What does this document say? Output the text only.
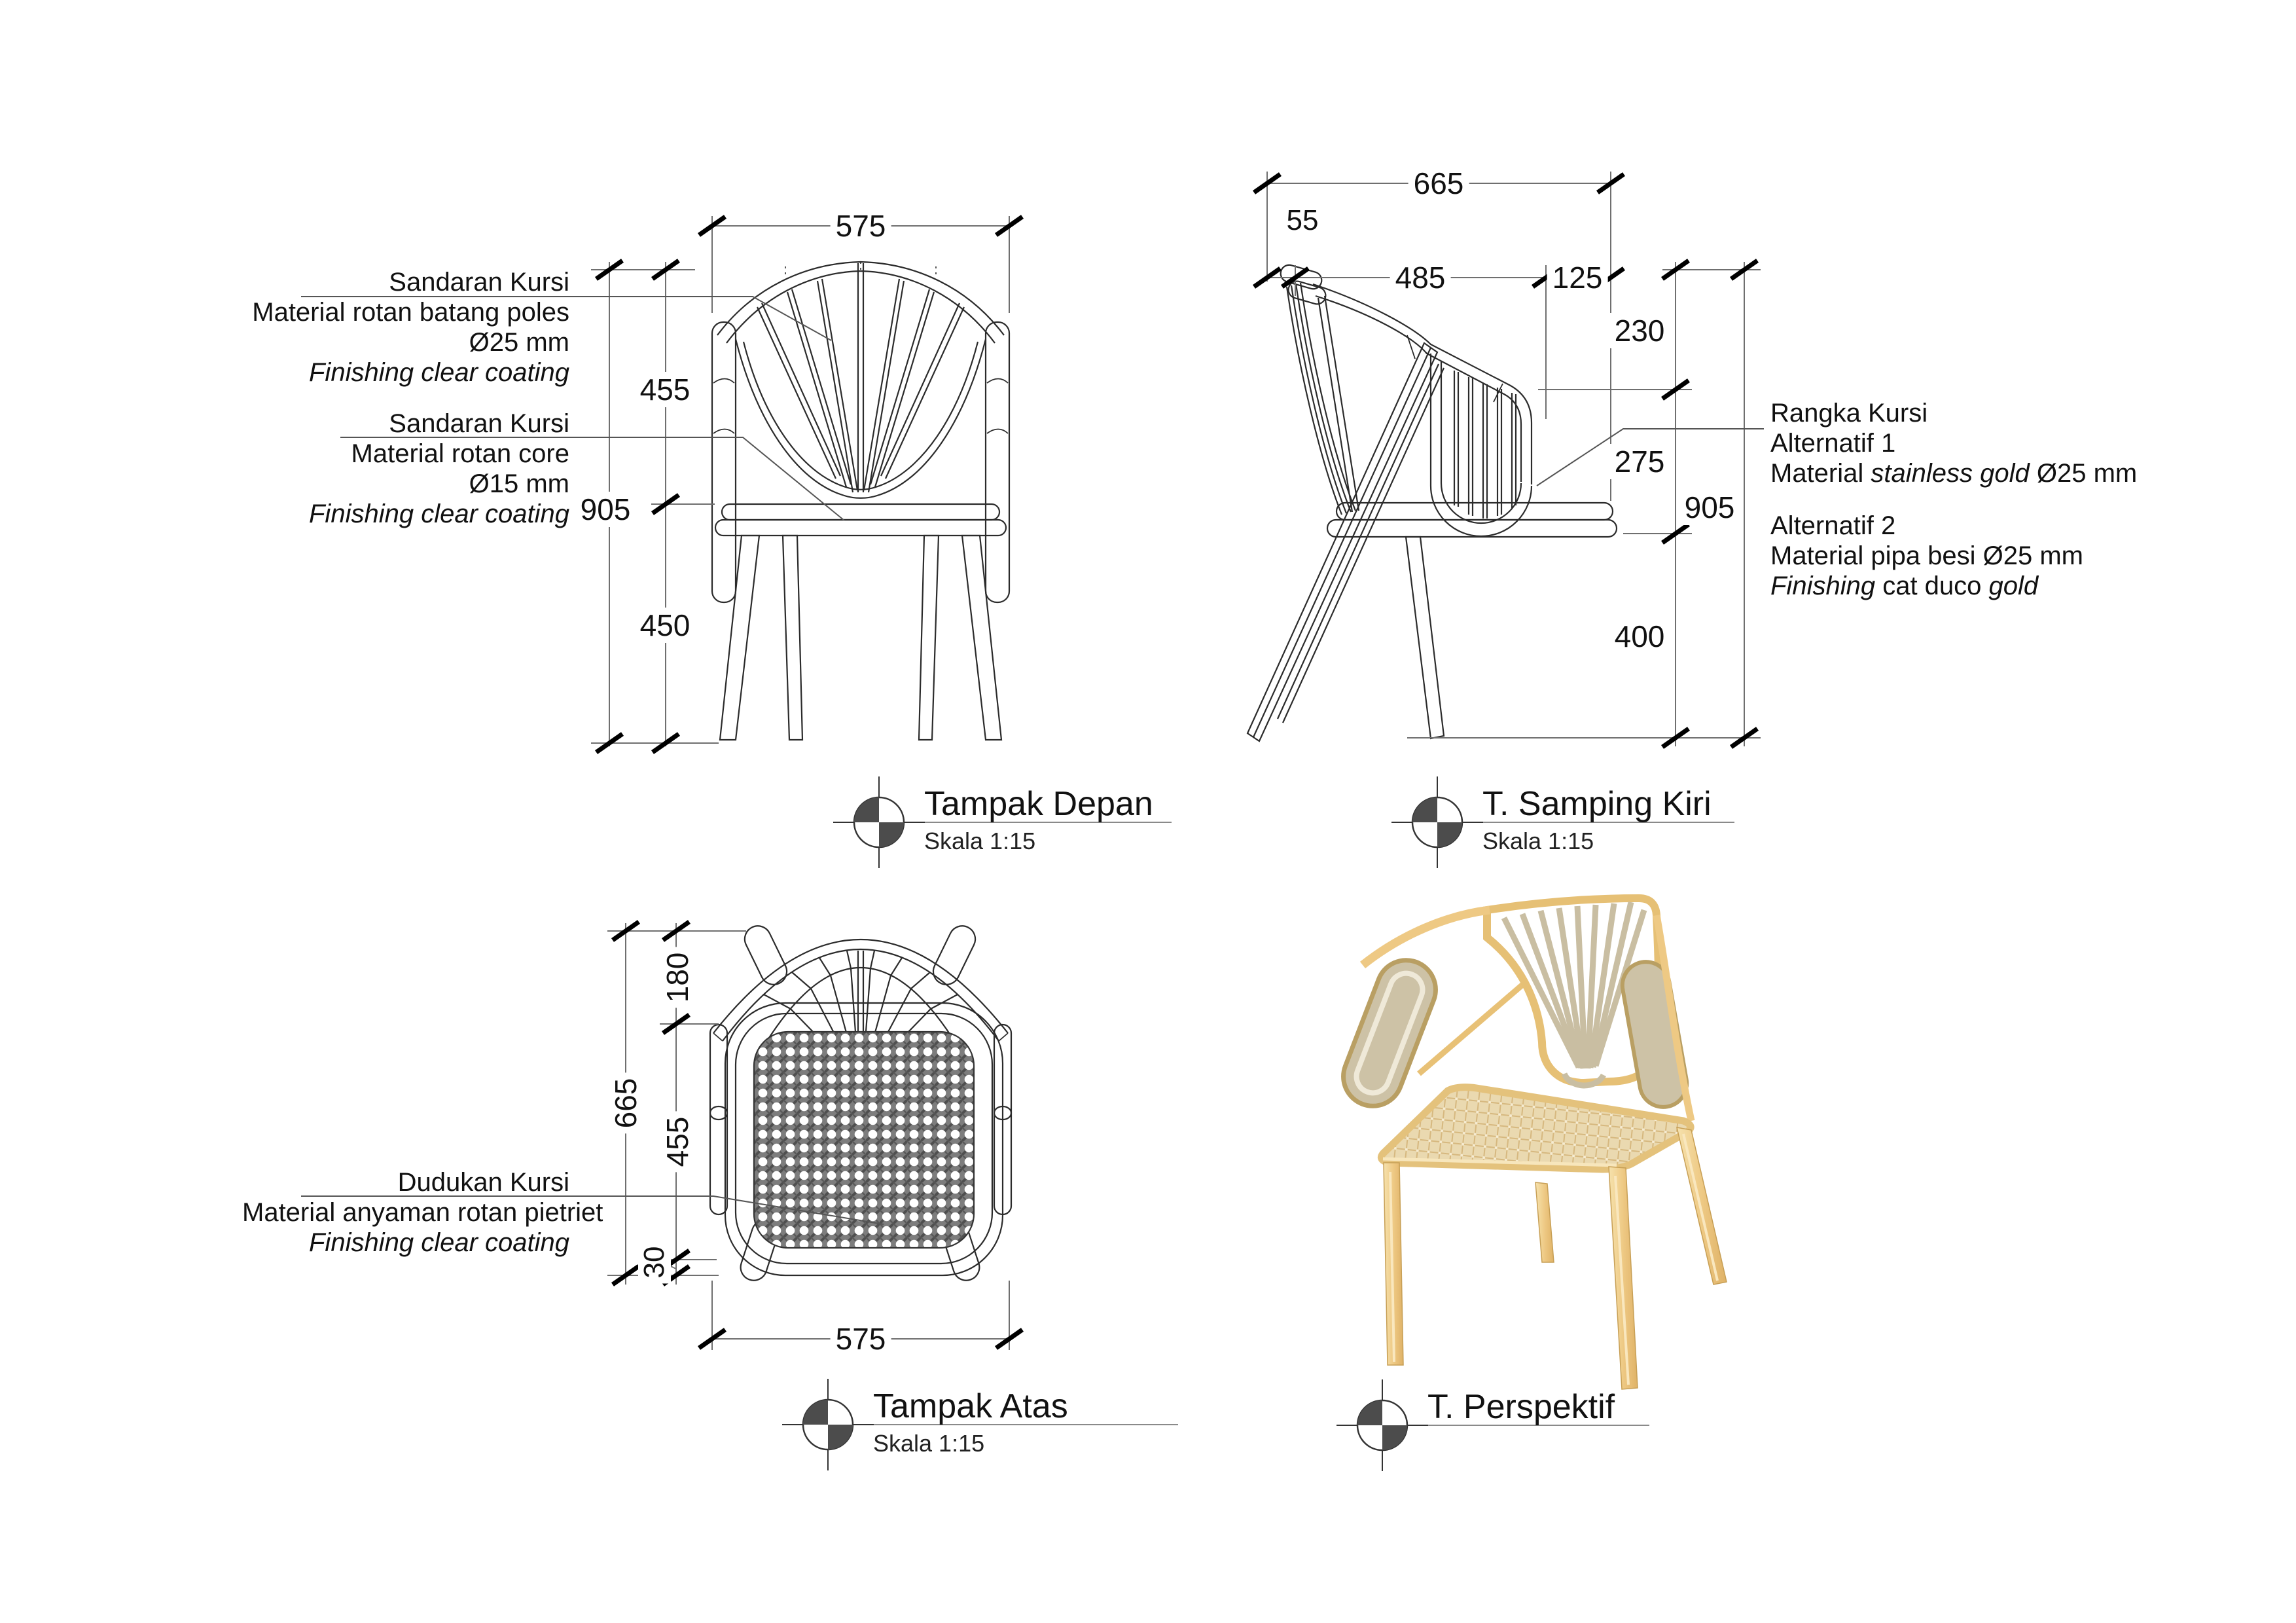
Sandaran Kursi
Material rotan batang poles
Ø25 mm
Finishing clear coating
Sandaran Kursi
Material rotan core
Ø15 mm
Finishing clear coating
575
455
905
450
665
55
485	125
230
275
905
400
Rangka Kursi
Alternatif 1
Material stainless gold Ø25 mm
Alternatif 2
Material pipa besi Ø25 mm
Finishing cat duco gold
180
665
455
30
575
Dudukan Kursi
Material anyaman rotan pietriet
Finishing clear coating
Tampak Depan
Skala 1:15
T. Samping Kiri
Skala 1:15
Tampak Atas
Skala 1:15
T. Perspektif
